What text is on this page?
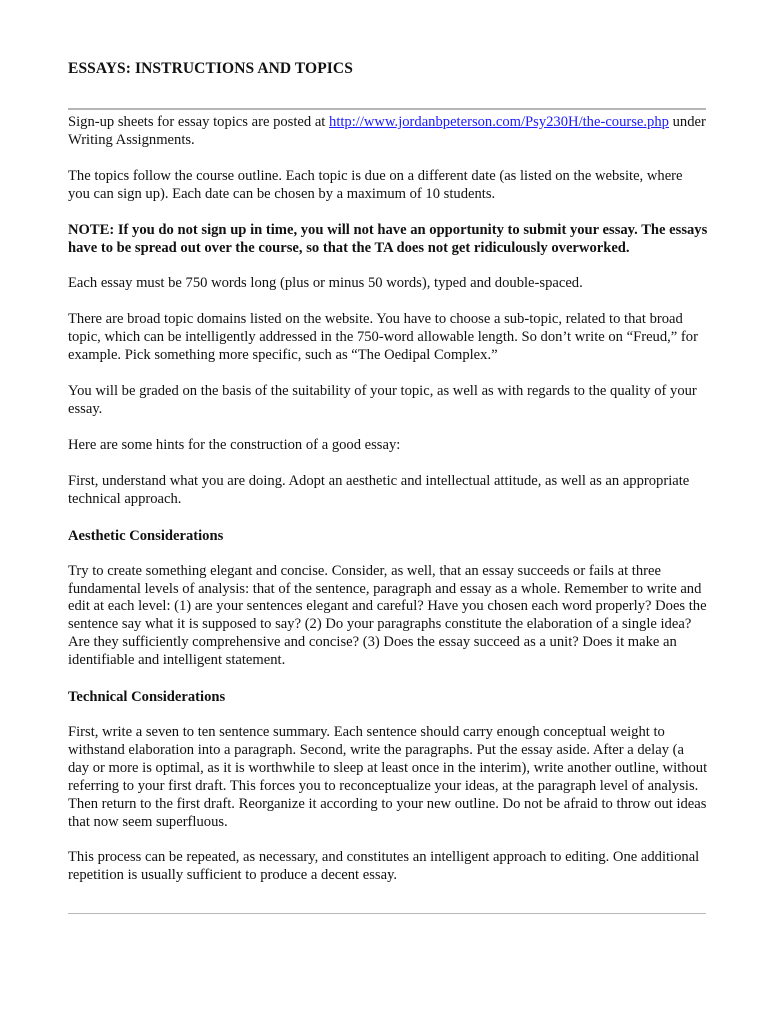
ESSAYS: INSTRUCTIONS AND TOPICS

Sign-up sheets for essay topics are posted at http://www.jordanbpeterson.com/Psy230H/the-course.php under Writing Assignments.

The topics follow the course outline. Each topic is due on a different date (as listed on the website, where you can sign up). Each date can be chosen by a maximum of 10 students.

NOTE: If you do not sign up in time, you will not have an opportunity to submit your essay. The essays have to be spread out over the course, so that the TA does not get ridiculously overworked.

Each essay must be 750 words long (plus or minus 50 words), typed and double-spaced.

There are broad topic domains listed on the website. You have to choose a sub-topic, related to that broad topic, which can be intelligently addressed in the 750-word allowable length. So don’t write on “Freud,” for example. Pick something more specific, such as “The Oedipal Complex.”

You will be graded on the basis of the suitability of your topic, as well as with regards to the quality of your essay.

Here are some hints for the construction of a good essay:

First, understand what you are doing. Adopt an aesthetic and intellectual attitude, as well as an appropriate technical approach.

Aesthetic Considerations

Try to create something elegant and concise. Consider, as well, that an essay succeeds or fails at three fundamental levels of analysis: that of the sentence, paragraph and essay as a whole. Remember to write and edit at each level: (1) are your sentences elegant and careful? Have you chosen each word properly? Does the sentence say what it is supposed to say? (2) Do your paragraphs constitute the elaboration of a single idea? Are they sufficiently comprehensive and concise? (3) Does the essay succeed as a unit? Does it make an identifiable and intelligent statement.

Technical Considerations

First, write a seven to ten sentence summary. Each sentence should carry enough conceptual weight to withstand elaboration into a paragraph. Second, write the paragraphs. Put the essay aside. After a delay (a day or more is optimal, as it is worthwhile to sleep at least once in the interim), write another outline, without referring to your first draft. This forces you to reconceptualize your ideas, at the paragraph level of analysis. Then return to the first draft. Reorganize it according to your new outline. Do not be afraid to throw out ideas that now seem superfluous.

This process can be repeated, as necessary, and constitutes an intelligent approach to editing. One additional repetition is usually sufficient to produce a decent essay.
